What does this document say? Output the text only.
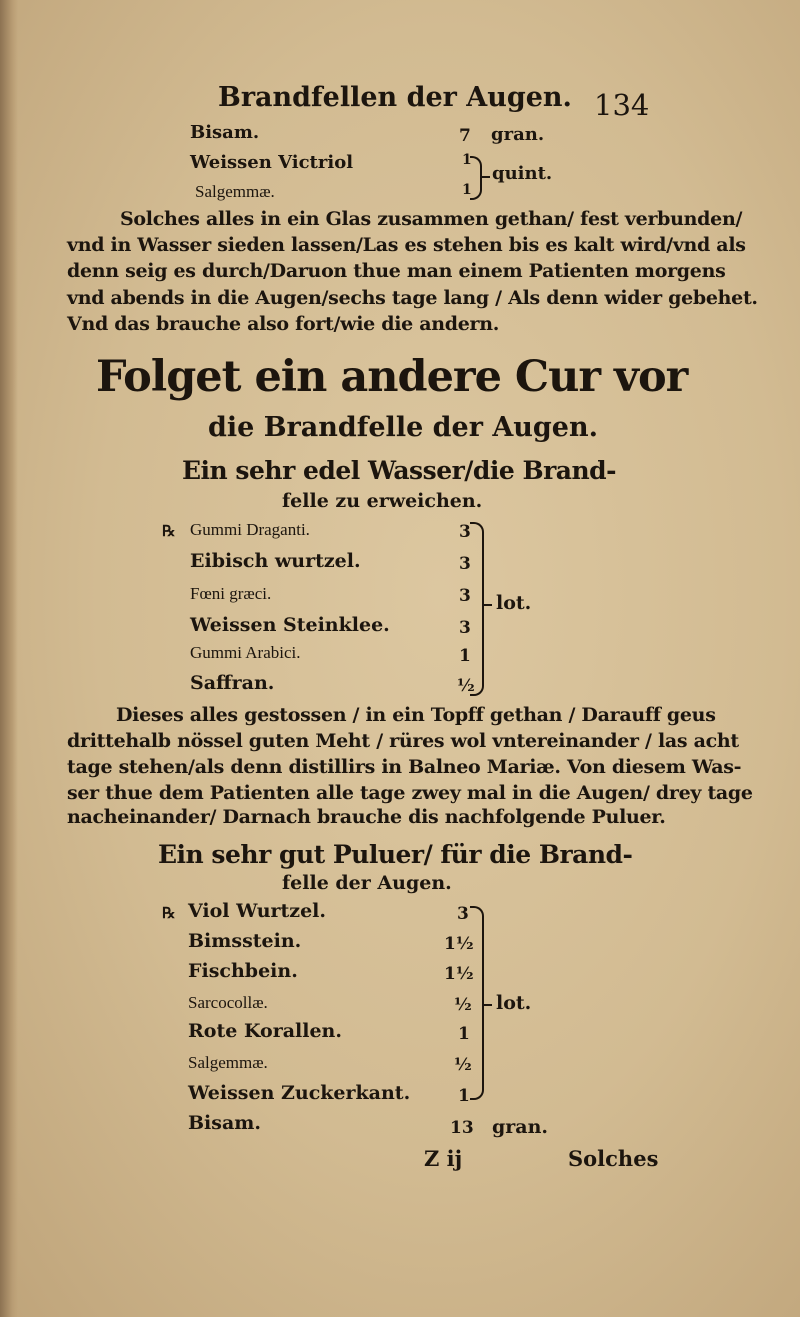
Brandfellen der Augen. 134
Bisam.	7 gran.
Weissen Victriol	1
Salgemmæ.	1
quint.
Solches alles in ein Glas zusammen gethan/ fest verbunden/
vnd in Wasser sieden lassen/Las es stehen bis es kalt wird/vnd als
denn seig es durch/Daruon thue man einem Patienten morgens
vnd abends in die Augen/sechs tage lang / Als denn wider gebehet.
Vnd das brauche also fort/wie die andern.
Folget ein andere Cur vor
die Brandfelle der Augen.
Ein sehr edel Wasser/die Brand-
felle zu erweichen.
℞ Gummi Draganti.	3
Eibisch wurtzel.	3
Fœni græci.	3
Weissen Steinklee.	3
Gummi Arabici.	1
Saffran.	½
lot.
Dieses alles gestossen / in ein Topff gethan / Darauff geus
drittehalb nössel guten Meht / rüres wol vntereinander / las acht
tage stehen/als denn distillirs in Balneo Mariæ. Von diesem Was-
ser thue dem Patienten alle tage zwey mal in die Augen/ drey tage
nacheinander/ Darnach brauche dis nachfolgende Puluer.
Ein sehr gut Puluer/ für die Brand-
felle der Augen.
℞ Viol Wurtzel.	3
Bimsstein.	1½
Fischbein.	1½
Sarcocollæ.	½
Rote Korallen.	1
Salgemmæ.	½
Weissen Zuckerkant.	1
Bisam.	13 gran.
lot.
Z ij	Solches
